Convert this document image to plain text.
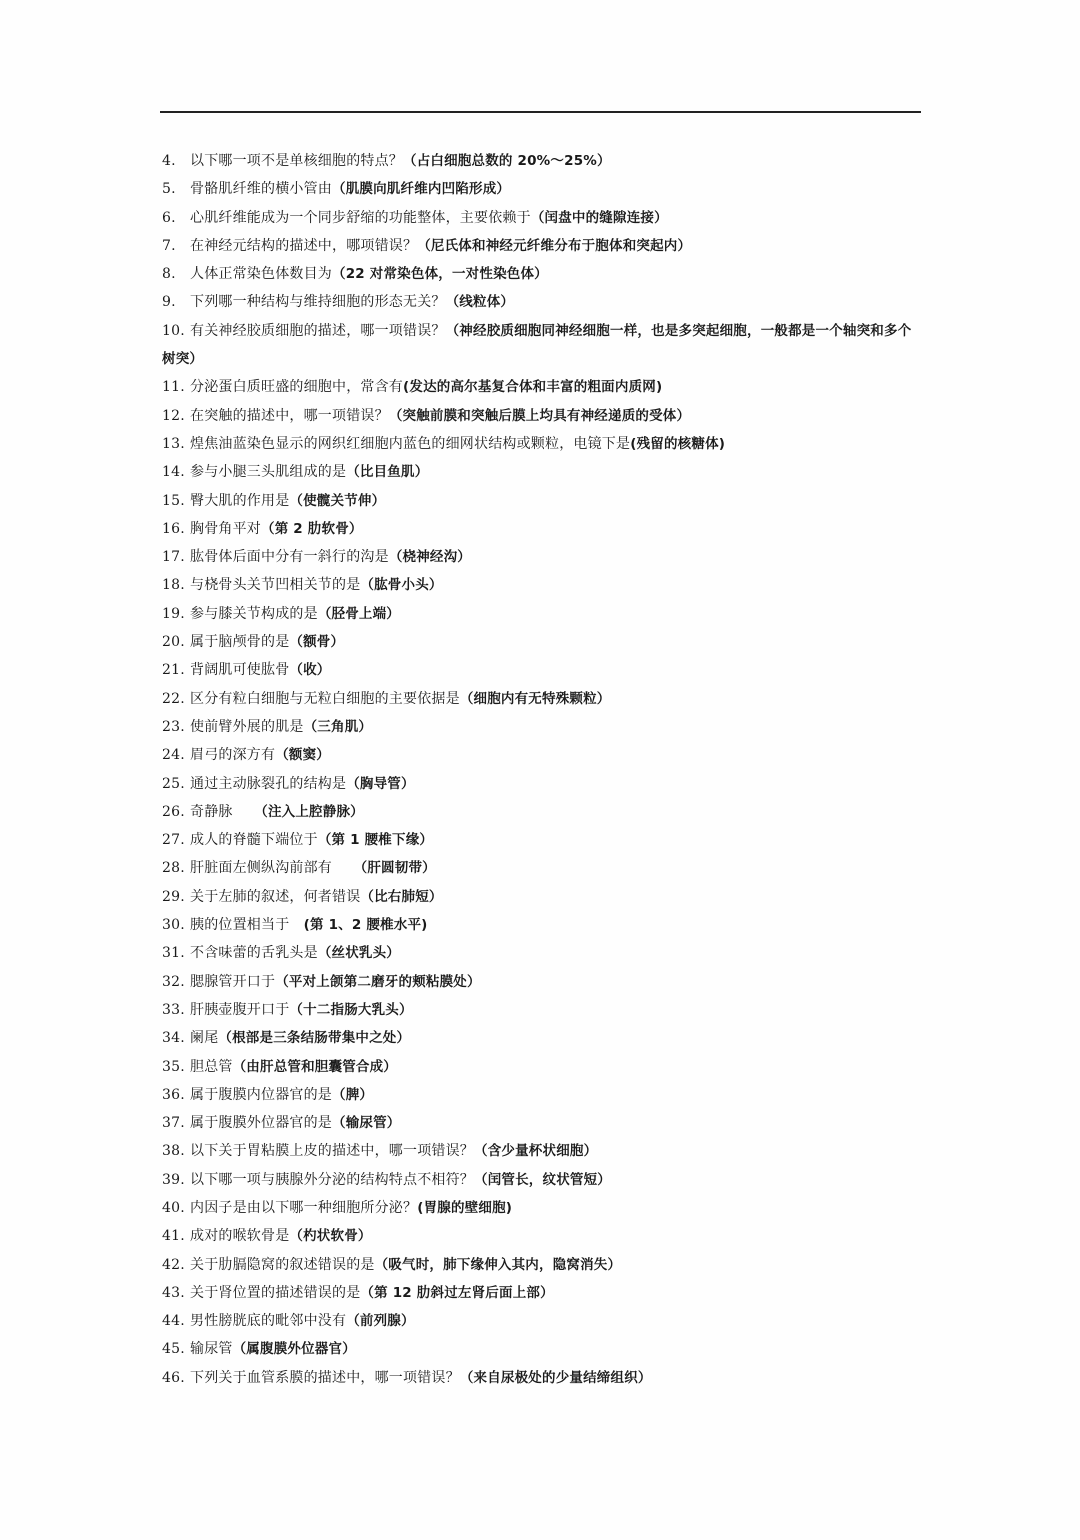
4. 以下哪一项不是单核细胞的特点？（占白细胞总数的 20%～25%）
5. 骨骼肌纤维的横小管由（肌膜向肌纤维内凹陷形成）
6. 心肌纤维能成为一个同步舒缩的功能整体，主要依赖于（闰盘中的缝隙连接）
7. 在神经元结构的描述中，哪项错误？（尼氏体和神经元纤维分布于胞体和突起内）
8. 人体正常染色体数目为（22 对常染色体，一对性染色体）
9. 下列哪一种结构与维持细胞的形态无关？（线粒体）
10. 有关神经胶质细胞的描述，哪一项错误？（神经胶质细胞同神经细胞一样，也是多突起细胞，一般都是一个轴突和多个树突）
11. 分泌蛋白质旺盛的细胞中，常含有(发达的高尔基复合体和丰富的粗面内质网)
12. 在突触的描述中，哪一项错误？（突触前膜和突触后膜上均具有神经递质的受体）
13. 煌焦油蓝染色显示的网织红细胞内蓝色的细网状结构或颗粒，电镜下是(残留的核糖体)
14. 参与小腿三头肌组成的是（比目鱼肌）
15. 臀大肌的作用是（使髋关节伸）
16. 胸骨角平对（第 2 肋软骨）
17. 肱骨体后面中分有一斜行的沟是（桡神经沟）
18. 与桡骨头关节凹相关节的是（肱骨小头）
19. 参与膝关节构成的是（胫骨上端）
20. 属于脑颅骨的是（额骨）
21. 背阔肌可使肱骨（收）
22. 区分有粒白细胞与无粒白细胞的主要依据是（细胞内有无特殊颗粒）
23. 使前臂外展的肌是（三角肌）
24. 眉弓的深方有（额窦）
25. 通过主动脉裂孔的结构是（胸导管）
26. 奇静脉　　（注入上腔静脉）
27. 成人的脊髓下端位于（第 1 腰椎下缘）
28. 肝脏面左侧纵沟前部有　　（肝圆韧带）
29. 关于左肺的叙述，何者错误（比右肺短）
30. 胰的位置相当于　(第 1、2 腰椎水平)
31. 不含味蕾的舌乳头是（丝状乳头）
32. 腮腺管开口于（平对上颌第二磨牙的颊粘膜处）
33. 肝胰壶腹开口于（十二指肠大乳头）
34. 阑尾（根部是三条结肠带集中之处）
35. 胆总管（由肝总管和胆囊管合成）
36. 属于腹膜内位器官的是（脾）
37. 属于腹膜外位器官的是（输尿管）
38. 以下关于胃粘膜上皮的描述中，哪一项错误？（含少量杯状细胞）
39. 以下哪一项与胰腺外分泌的结构特点不相符？（闰管长，纹状管短）
40. 内因子是由以下哪一种细胞所分泌？(胃腺的壁细胞)
41. 成对的喉软骨是（杓状软骨）
42. 关于肋膈隐窝的叙述错误的是（吸气时，肺下缘伸入其内，隐窝消失）
43. 关于肾位置的描述错误的是（第 12 肋斜过左肾后面上部）
44. 男性膀胱底的毗邻中没有（前列腺）
45. 输尿管（属腹膜外位器官）
46. 下列关于血管系膜的描述中，哪一项错误？（来自尿极处的少量结缔组织）
